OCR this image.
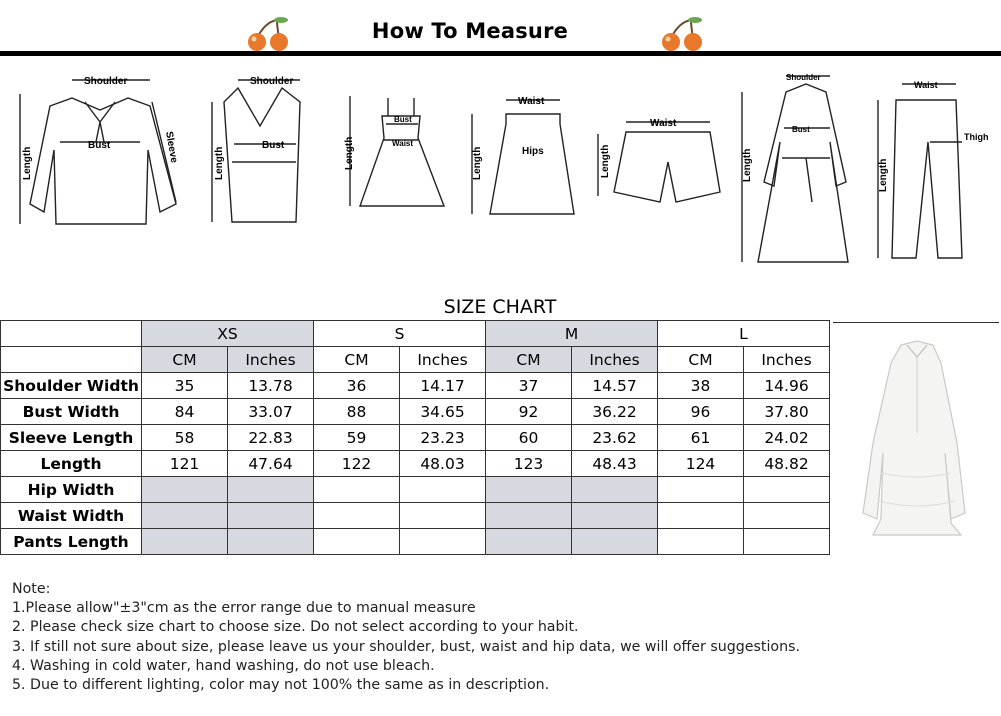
How To Measure
Shoulder
Bust
Length	Sleeve
Shoulder
Bust
Length
Bust
Waist
Length
Waist
Hips
Length
Waist
Length
Shoulder
Bust
Length
Waist
Thigh
Length
SIZE CHART
	XS		S		M		L	
	CM	Inches	CM	Inches	CM	Inches	CM	Inches
Shoulder Width	35	13.78	36	14.17	37	14.57	38	14.96
Bust Width	84	33.07	88	34.65	92	36.22	96	37.80
Sleeve Length	58	22.83	59	23.23	60	23.62	61	24.02
Length	121	47.64	122	48.03	123	48.43	124	48.82
Hip Width								
Waist Width								
Pants Length								
Note:
1.Please allow"±3"cm as the error range due to manual measure
2. Please check size chart to choose size. Do not select according to your habit.
3. If still not sure about size, please leave us your shoulder, bust, waist and hip data, we will offer suggestions.
4. Washing in cold water, hand washing, do not use bleach.
5. Due to different lighting, color may not 100% the same as in description.
